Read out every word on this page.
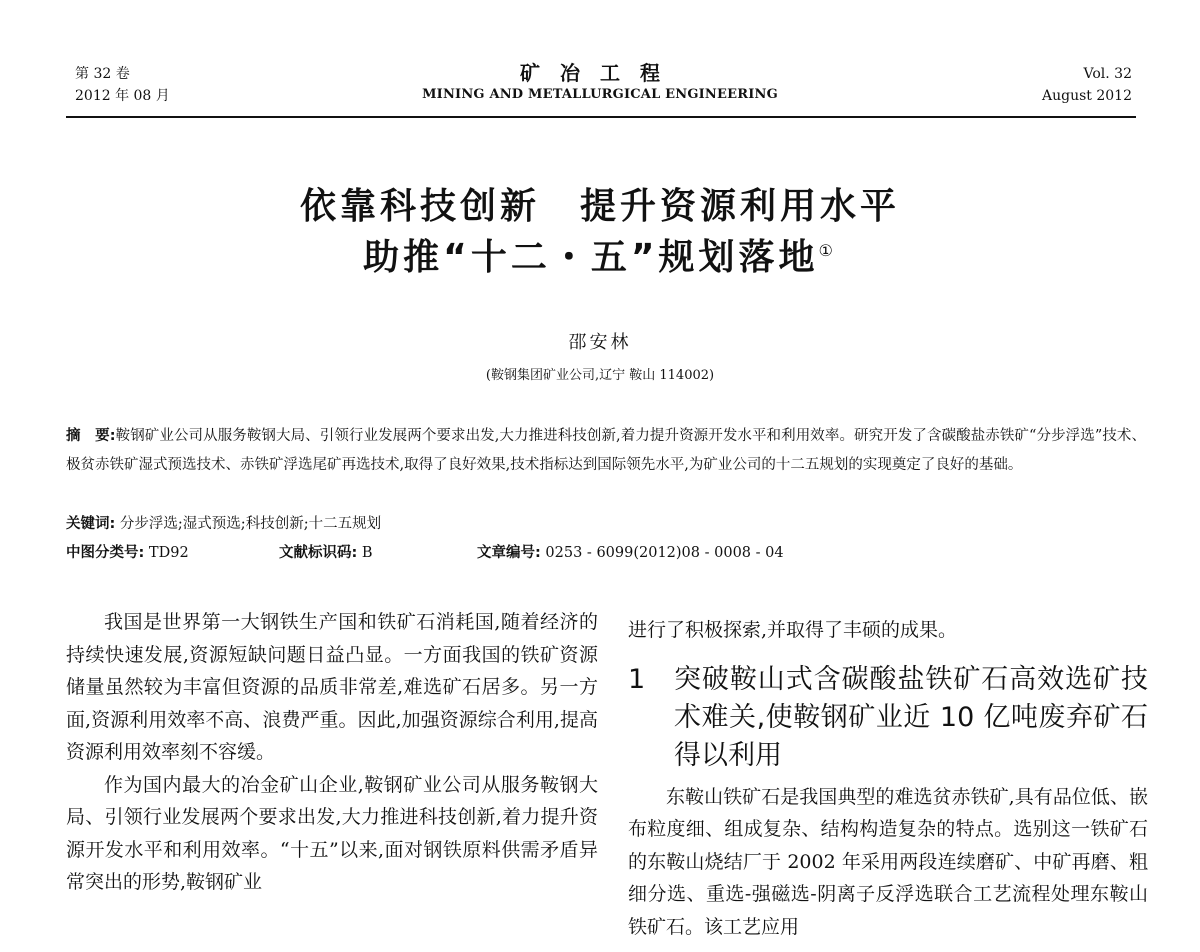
第 32 卷
2012 年 08 月
矿冶工程
MINING AND METALLURGICAL ENGINEERING
Vol. 32
August 2012
依靠科技创新　提升资源利用水平
助推“十二・五”规划落地①
邵安林
(鞍钢集团矿业公司,辽宁 鞍山 114002)
摘　要:鞍钢矿业公司从服务鞍钢大局、引领行业发展两个要求出发,大力推进科技创新,着力提升资源开发水平和利用效率。研究开发了含碳酸盐赤铁矿“分步浮选”技术、极贫赤铁矿湿式预选技术、赤铁矿浮选尾矿再选技术,取得了良好效果,技术指标达到国际领先水平,为矿业公司的十二五规划的实现奠定了良好的基础。
关键词: 分步浮选;湿式预选;科技创新;十二五规划
中图分类号: TD92	文献标识码: B	文章编号: 0253 - 6099(2012)08 - 0008 - 04

我国是世界第一大钢铁生产国和铁矿石消耗国,随着经济的持续快速发展,资源短缺问题日益凸显。一方面我国的铁矿资源储量虽然较为丰富但资源的品质非常差,难选矿石居多。另一方面,资源利用效率不高、浪费严重。因此,加强资源综合利用,提高资源利用效率刻不容缓。

作为国内最大的冶金矿山企业,鞍钢矿业公司从服务鞍钢大局、引领行业发展两个要求出发,大力推进科技创新,着力提升资源开发水平和利用效率。“十五”以来,面对钢铁原料供需矛盾异常突出的形势,鞍钢矿业

进行了积极探索,并取得了丰硕的成果。

1	突破鞍山式含碳酸盐铁矿石高效选矿技术难关,使鞍钢矿业近 10 亿吨废弃矿石得以利用

东鞍山铁矿石是我国典型的难选贫赤铁矿,具有品位低、嵌布粒度细、组成复杂、结构构造复杂的特点。选别这一铁矿石的东鞍山烧结厂于 2002 年采用两段连续磨矿、中矿再磨、粗细分选、重选-强磁选-阴离子反浮选联合工艺流程处理东鞍山铁矿石。该工艺应用
